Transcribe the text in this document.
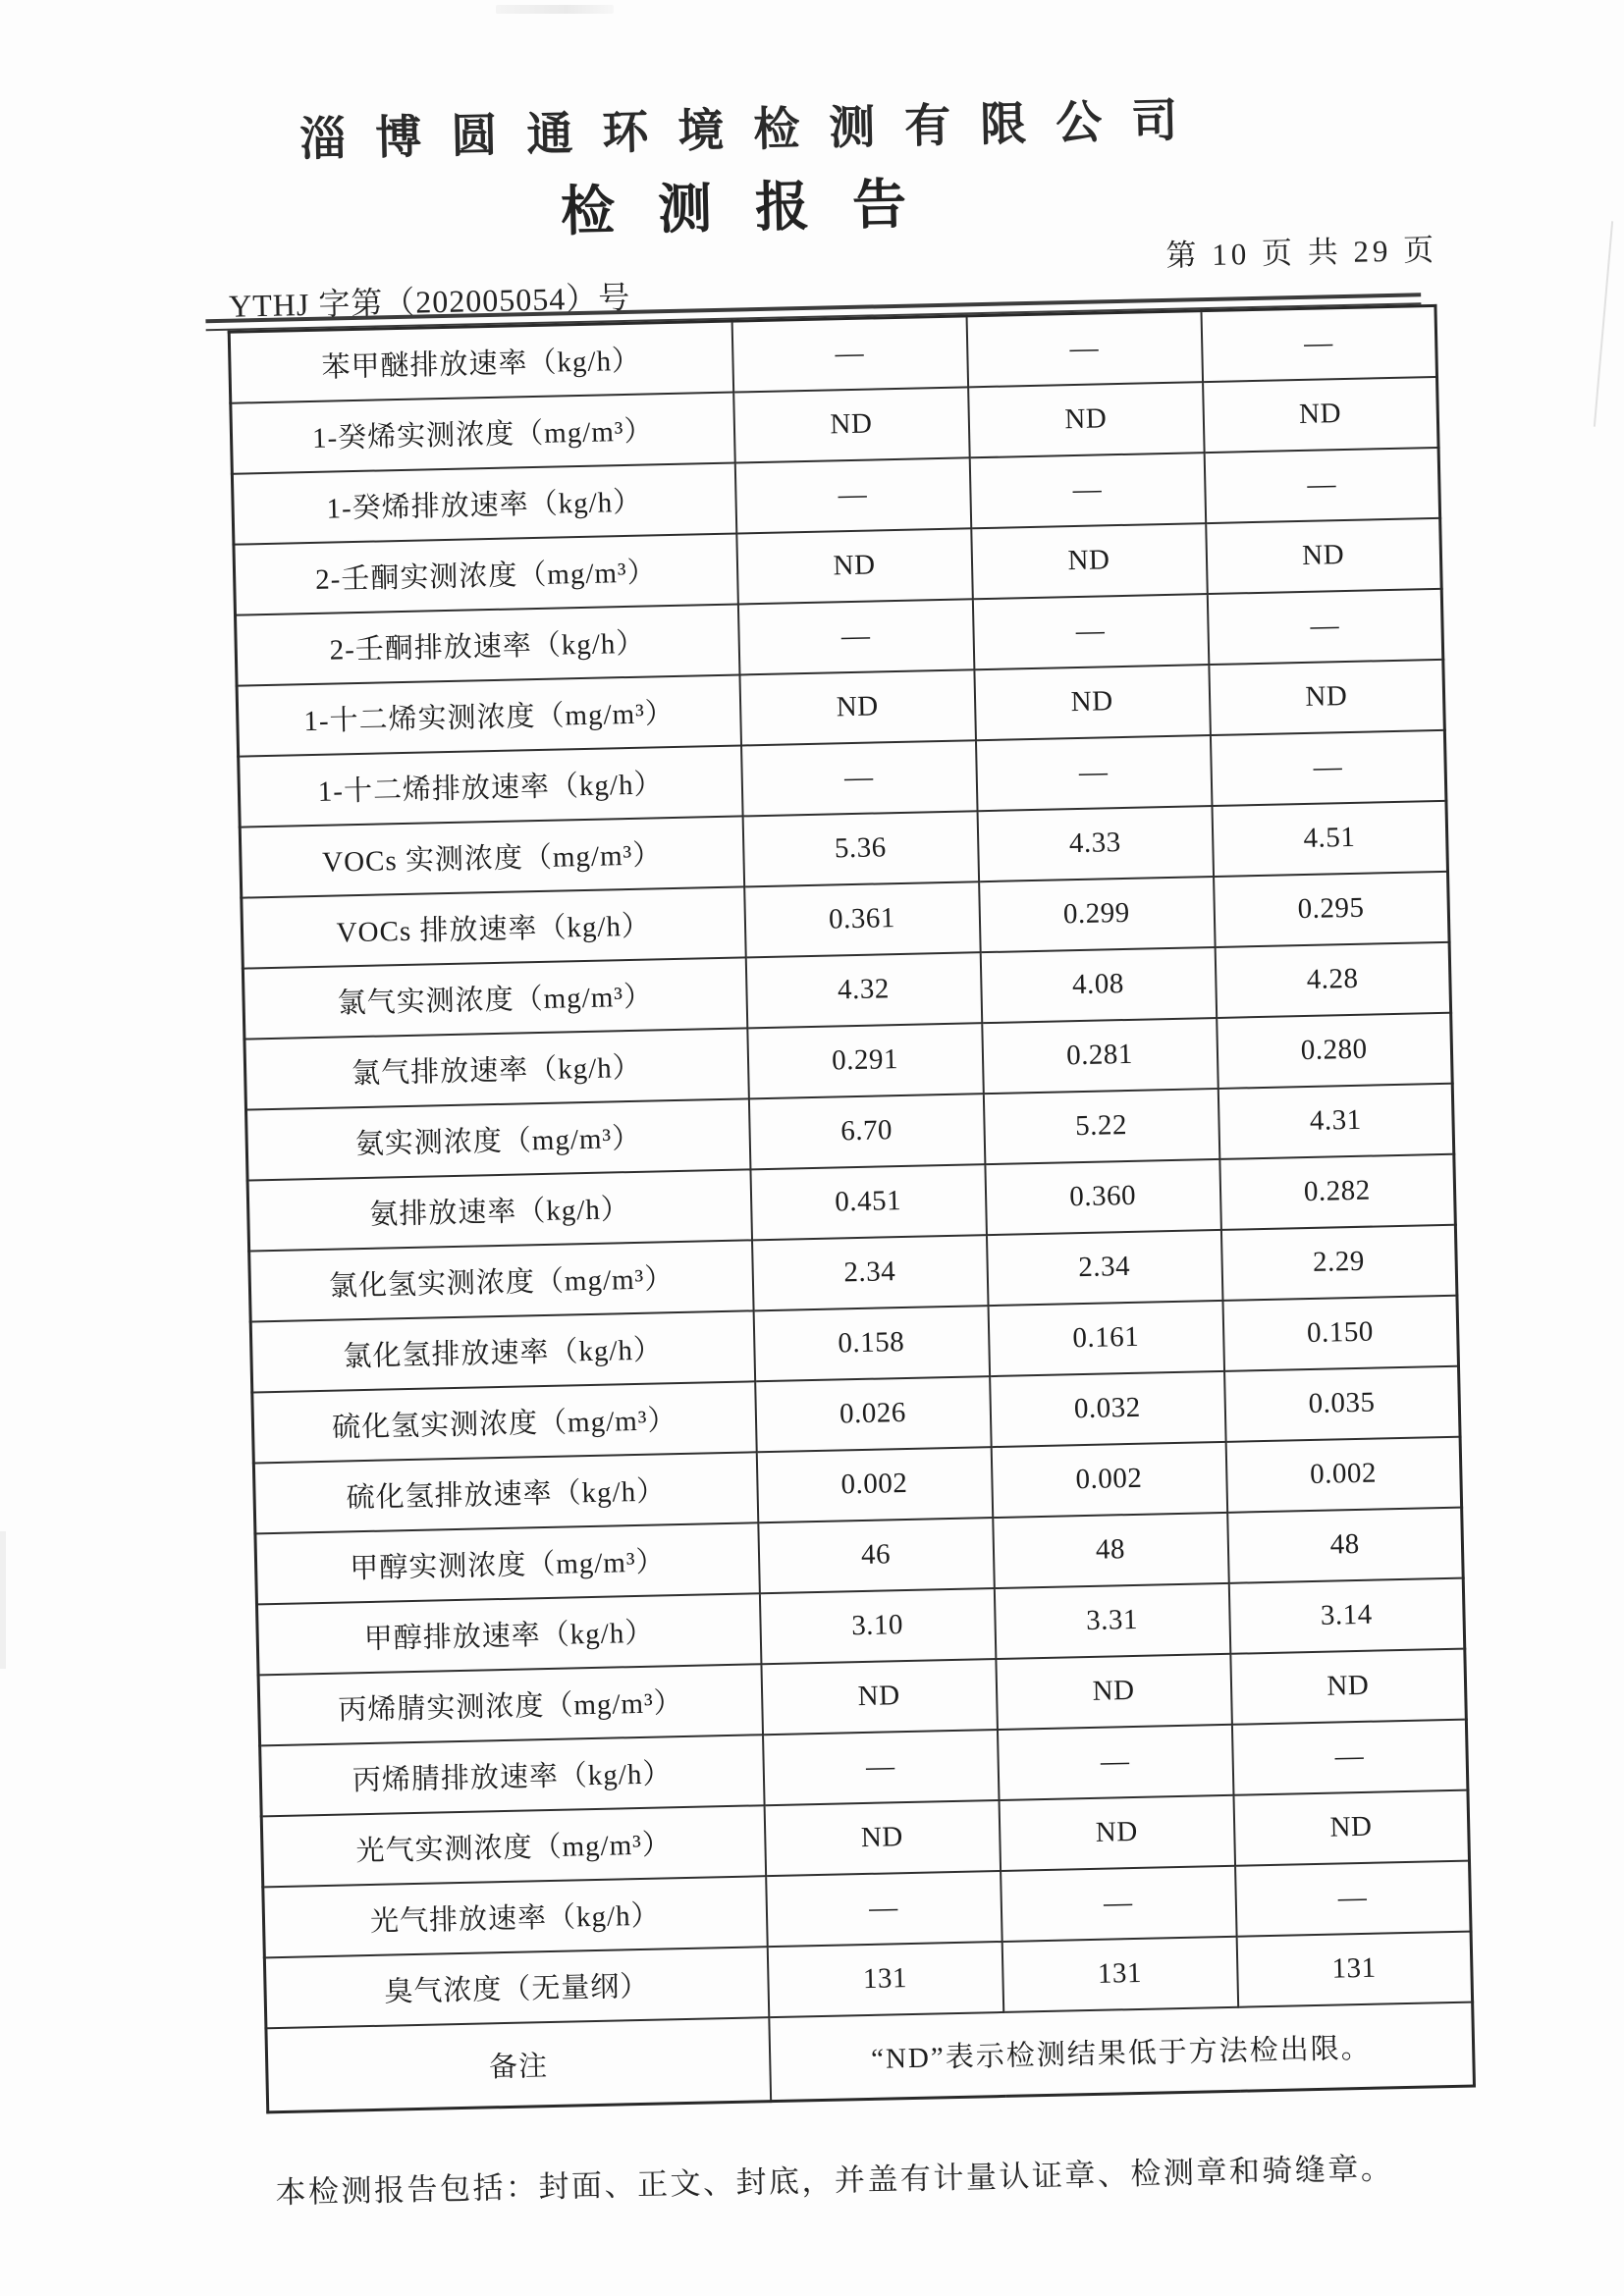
淄博圆通环境检测有限公司
检测报告
第 10 页 共 29 页
YTHJ 字第（202005054）号
苯甲醚排放速率（kg/h）	—	—	—
1-癸烯实测浓度（mg/m³）	ND	ND	ND
1-癸烯排放速率（kg/h）	—	—	—
2-壬酮实测浓度（mg/m³）	ND	ND	ND
2-壬酮排放速率（kg/h）	—	—	—
1-十二烯实测浓度（mg/m³）	ND	ND	ND
1-十二烯排放速率（kg/h）	—	—	—
VOCs 实测浓度（mg/m³）	5.36	4.33	4.51
VOCs 排放速率（kg/h）	0.361	0.299	0.295
氯气实测浓度（mg/m³）	4.32	4.08	4.28
氯气排放速率（kg/h）	0.291	0.281	0.280
氨实测浓度（mg/m³）	6.70	5.22	4.31
氨排放速率（kg/h）	0.451	0.360	0.282
氯化氢实测浓度（mg/m³）	2.34	2.34	2.29
氯化氢排放速率（kg/h）	0.158	0.161	0.150
硫化氢实测浓度（mg/m³）	0.026	0.032	0.035
硫化氢排放速率（kg/h）	0.002	0.002	0.002
甲醇实测浓度（mg/m³）	46	48	48
甲醇排放速率（kg/h）	3.10	3.31	3.14
丙烯腈实测浓度（mg/m³）	ND	ND	ND
丙烯腈排放速率（kg/h）	—	—	—
光气实测浓度（mg/m³）	ND	ND	ND
光气排放速率（kg/h）	—	—	—
臭气浓度（无量纲）	131	131	131
备注	“ND”表示检测结果低于方法检出限。		
本检测报告包括：封面、正文、封底，并盖有计量认证章、检测章和骑缝章。
